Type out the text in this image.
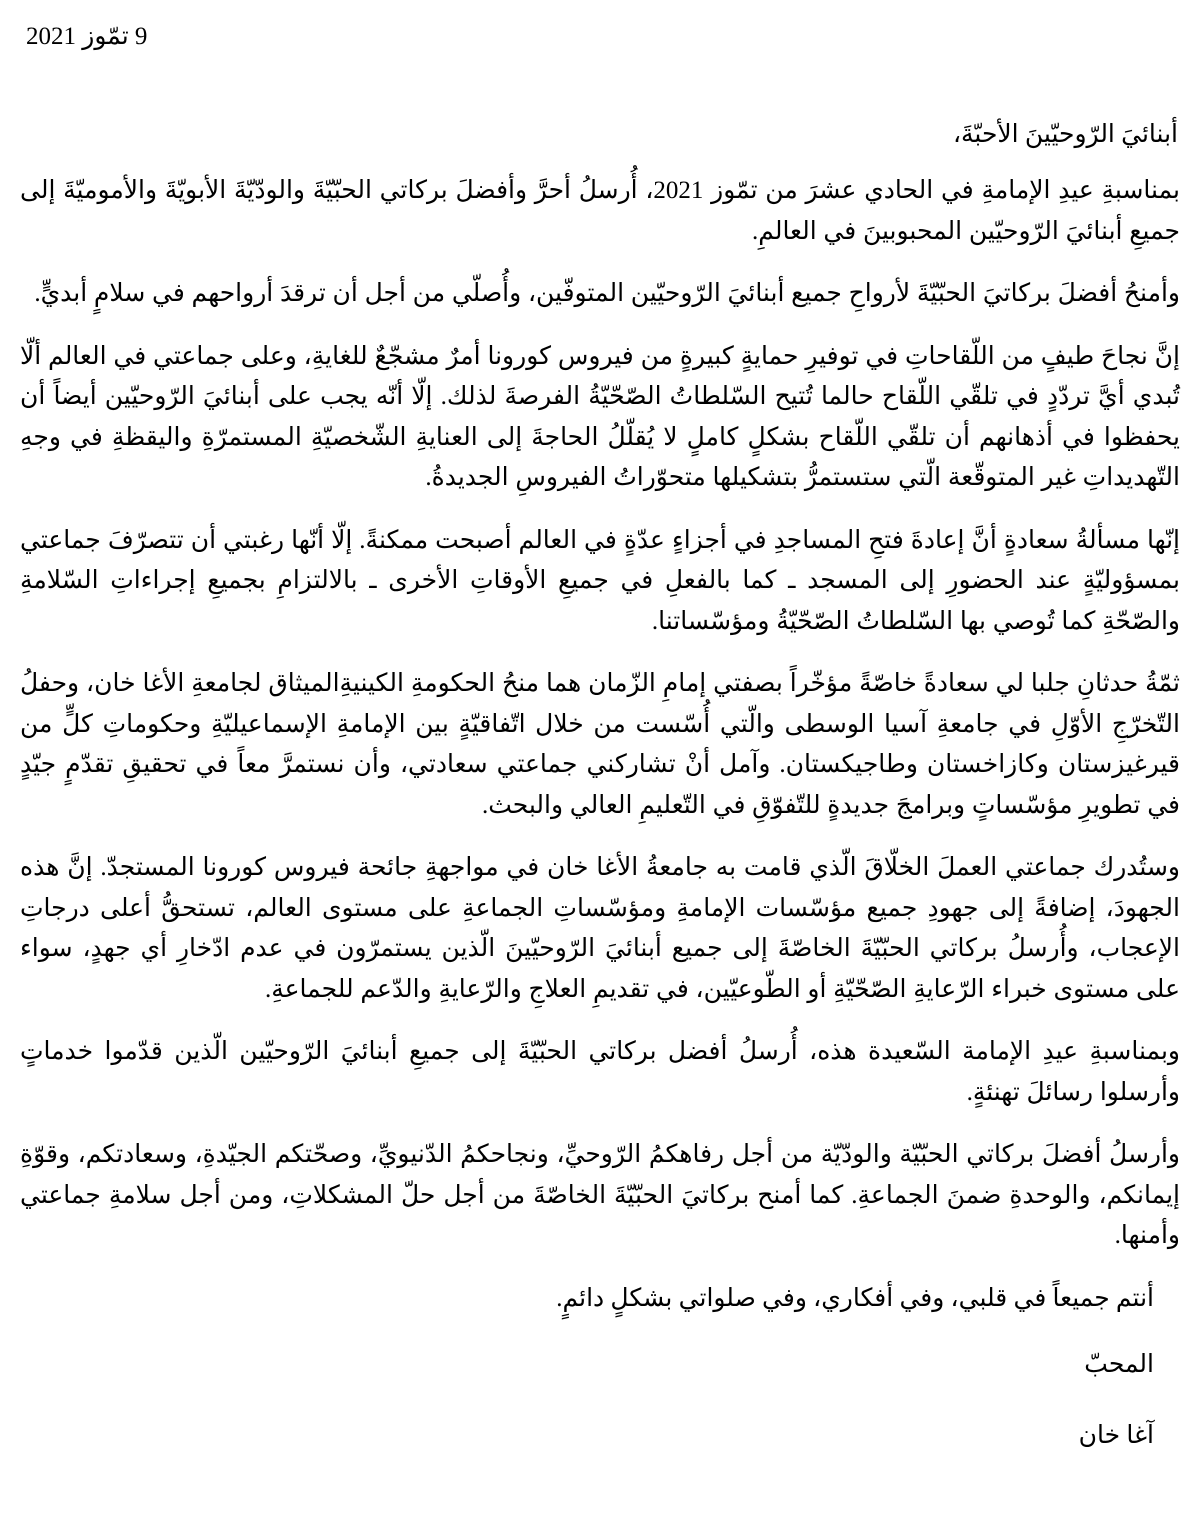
9 تمّوز 2021
أبنائيَ الرّوحيّينَ الأحبّةَ،

بمناسبةِ عيدِ الإمامةِ في الحادي عشرَ من تمّوز 2021، أُرسلُ أحرَّ وأفضلَ بركاتي الحبّيّةَ والودّيّةَ الأبويّةَ والأموميّةَ إلى جميعِ أبنائيَ الرّوحيّين المحبوبينَ في العالمِ.

وأمنحُ أفضلَ بركاتيَ الحبّيّةَ لأرواحِ جميع أبنائيَ الرّوحيّين المتوفّين، وأُصلّي من أجل أن ترقدَ أرواحهم في سلامٍ أبديٍّ.

إنَّ نجاحَ طيفٍ من اللّقاحاتِ في توفيرِ حمايةٍ كبيرةٍ من فيروس كورونا أمرٌ مشجّعٌ للغايةِ، وعلى جماعتي في العالم ألّا تُبدي أيَّ تردّدٍ في تلقّي اللّقاح حالما تُتيح السّلطاتُ الصّحّيّةُ الفرصةَ لذلك. إلّا أنّه يجب على أبنائيَ الرّوحيّين أيضاً أن يحفظوا في أذهانهم أن تلقّي اللّقاح بشكلٍ كاملٍ لا يُقلّلُ الحاجةَ إلى العنايةِ الشّخصيّةِ المستمرّةِ واليقظةِ في وجهِ التّهديداتِ غير المتوقّعة الّتي ستستمرُّ بتشكيلها متحوّراتُ الفيروسِ الجديدةُ.

إنّها مسألةُ سعادةٍ أنَّ إعادةَ فتحِ المساجدِ في أجزاءٍ عدّةٍ في العالم أصبحت ممكنةً. إلّا أنّها رغبتي أن تتصرّفَ جماعتي بمسؤوليّةٍ عند الحضورِ إلى المسجد ـ كما بالفعلِ في جميعِ الأوقاتِ الأخرى ـ بالالتزامِ بجميعِ إجراءاتِ السّلامةِ والصّحّةِ كما تُوصي بها السّلطاتُ الصّحّيّةُ ومؤسّساتنا.

ثمّةُ حدثانِ جلبا لي سعادةً خاصّةً مؤخّراً بصفتي إمامِ الزّمان هما منحُ الحكومةِ الكينيةِالميثاق لجامعةِ الأغا خان، وحفلُ التّخرّجِ الأوّلِ في جامعةِ آسيا الوسطى والّتي أُسّست من خلال اتّفاقيّةٍ بين الإمامةِ الإسماعيليّةِ وحكوماتِ كلٍّ من قيرغيزستان وكازاخستان وطاجيكستان. وآمل أنْ تشاركني جماعتي سعادتي، وأن نستمرَّ معاً في تحقيقِ تقدّمٍ جيّدٍ في تطويرِ مؤسّساتٍ وبرامجَ جديدةٍ للتّفوّقِ في التّعليمِ العالي والبحث.

وستُدرك جماعتي العملَ الخلّاقَ الّذي قامت به جامعةُ الأغا خان في مواجهةِ جائحة فيروس كورونا المستجدّ. إنَّ هذه الجهودَ، إضافةً إلى جهودِ جميع مؤسّسات الإمامةِ ومؤسّساتِ الجماعةِ على مستوى العالم، تستحقُّ أعلى درجاتِ الإعجاب، وأُرسلُ بركاتي الحبّيّةَ الخاصّةَ إلى جميع أبنائيَ الرّوحيّينَ الّذين يستمرّون في عدم ادّخارِ أي جهدٍ، سواء على مستوى خبراء الرّعايةِ الصّحّيّةِ أو الطّوعيّين، في تقديمِ العلاجِ والرّعايةِ والدّعم للجماعةِ.

وبمناسبةِ عيدِ الإمامة السّعيدة هذه، أُرسلُ أفضل بركاتي الحبّيّةَ إلى جميعِ أبنائيَ الرّوحيّين الّذين قدّموا خدماتٍ وأرسلوا رسائلَ تهنئةٍ.

وأرسلُ أفضلَ بركاتي الحبّيّة والودّيّة من أجل رفاهكمُ الرّوحيِّ، ونجاحكمُ الدّنيويِّ، وصحّتكم الجيّدةِ، وسعادتكم، وقوّةِ إيمانكم، والوحدةِ ضمنَ الجماعةِ. كما أمنح بركاتيَ الحبّيّةَ الخاصّةَ من أجل حلّ المشكلاتِ، ومن أجل سلامةِ جماعتي وأمنها.

أنتم جميعاً في قلبي، وفي أفكاري، وفي صلواتي بشكلٍ دائمٍ.

المحبّ

آغا خان
